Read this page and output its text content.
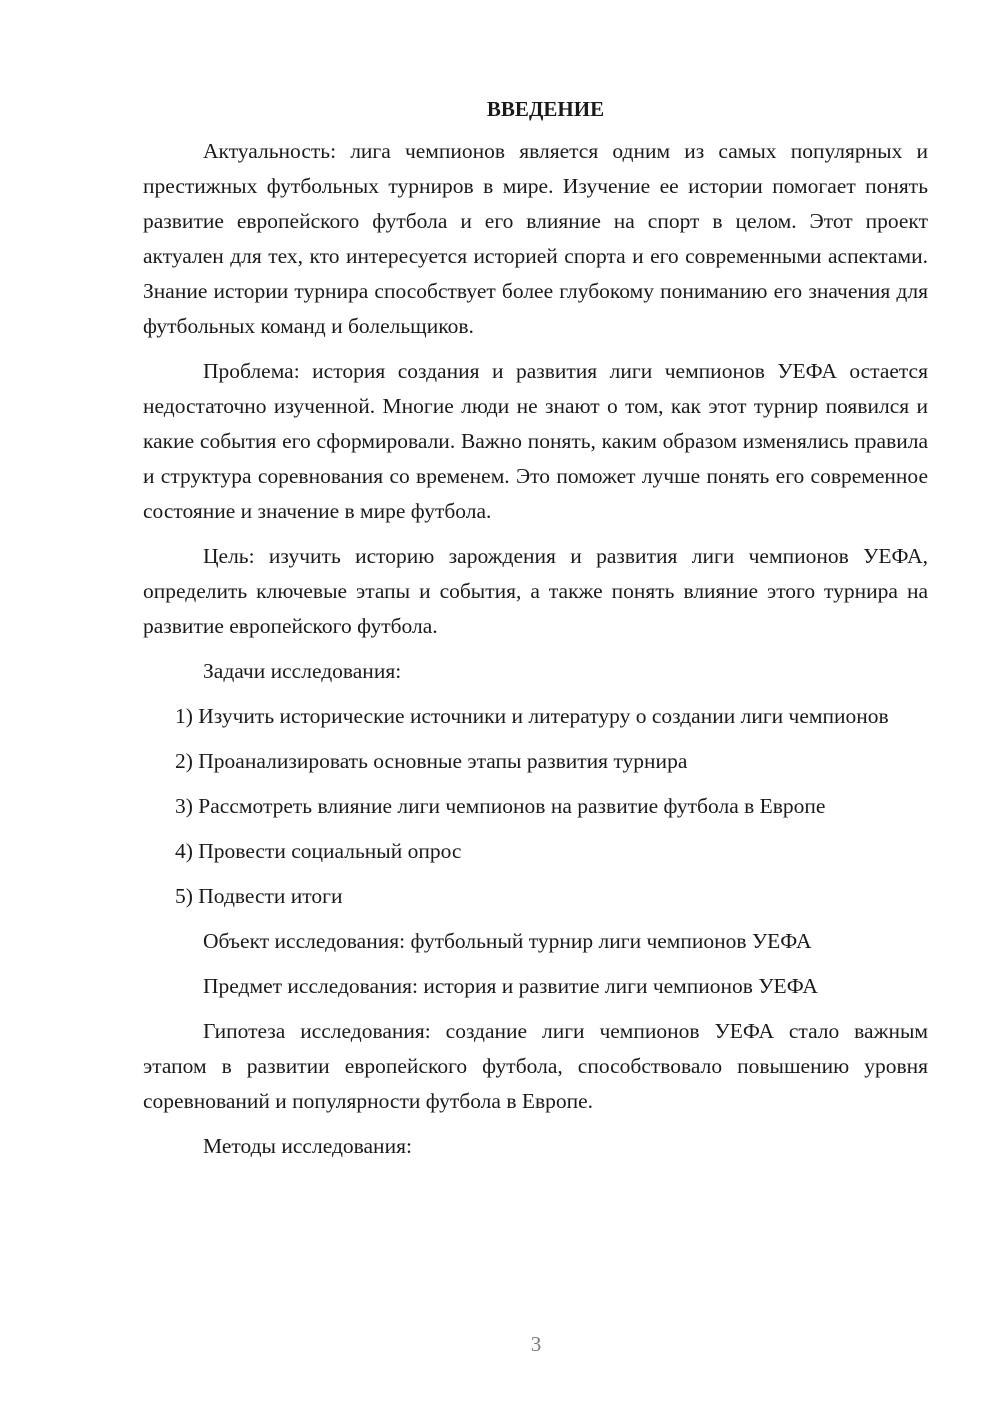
ВВЕДЕНИЕ

Актуальность: лига чемпионов является одним из самых популярных и престижных футбольных турниров в мире. Изучение ее истории помогает понять развитие европейского футбола и его влияние на спорт в целом. Этот проект актуален для тех, кто интересуется историей спорта и его современными аспектами. Знание истории турнира способствует более глубокому пониманию его значения для футбольных команд и болельщиков.

Проблема: история создания и развития лиги чемпионов УЕФА остается недостаточно изученной. Многие люди не знают о том, как этот турнир появился и какие события его сформировали. Важно понять, каким образом изменялись правила и структура соревнования со временем. Это поможет лучше понять его современное состояние и значение в мире футбола.

Цель: изучить историю зарождения и развития лиги чемпионов УЕФА, определить ключевые этапы и события, а также понять влияние этого турнира на развитие европейского футбола.

Задачи исследования:

1) Изучить исторические источники и литературу о создании лиги чемпионов

2) Проанализировать основные этапы развития турнира

3) Рассмотреть влияние лиги чемпионов на развитие футбола в Европе

4) Провести социальный опрос

5) Подвести итоги

Объект исследования: футбольный турнир лиги чемпионов УЕФА

Предмет исследования: история и развитие лиги чемпионов УЕФА

Гипотеза исследования: создание лиги чемпионов УЕФА стало важным этапом в развитии европейского футбола, способствовало повышению уровня соревнований и популярности футбола в Европе.

Методы исследования:

3
